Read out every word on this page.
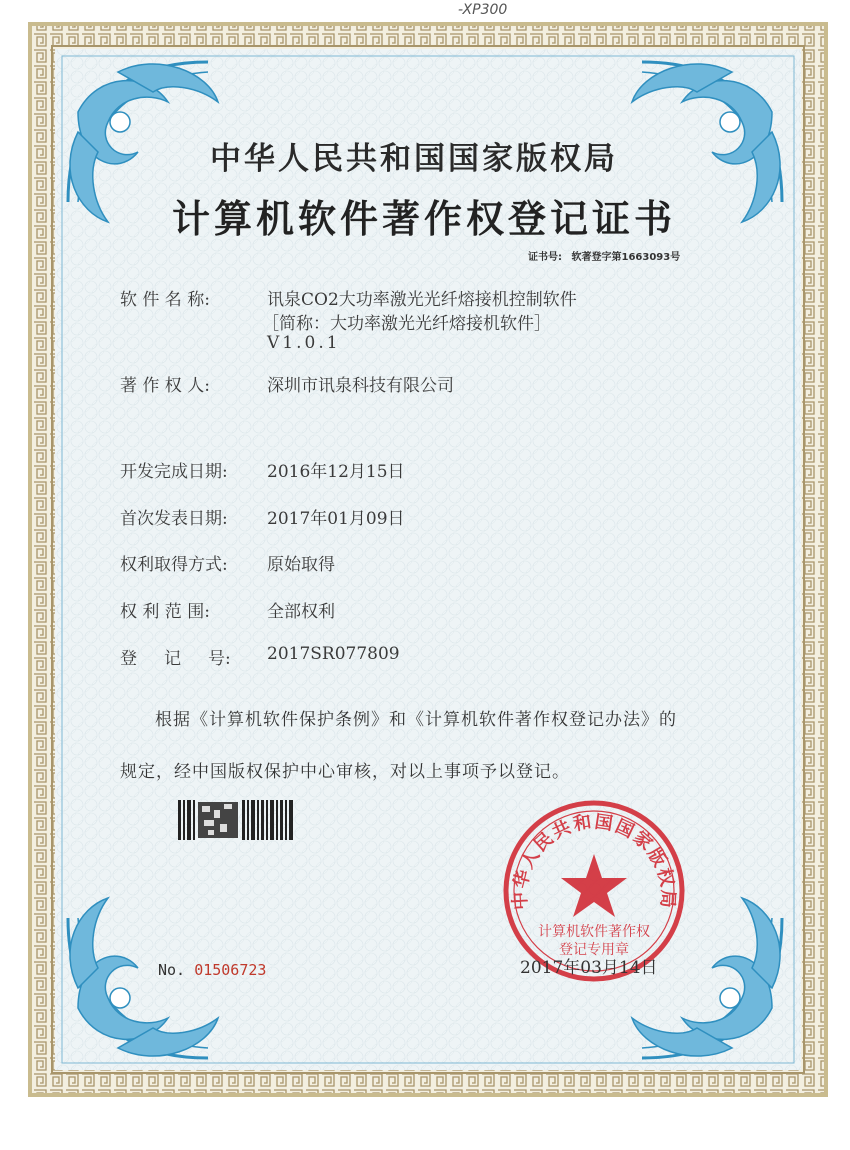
-XP300
中华人民共和国国家版权局
计算机软件著作权登记证书
证书号: 软著登字第1663093号
软 件 名 称:	讯泉CO2大功率激光光纤熔接机控制软件
［简称：大功率激光光纤熔接机软件］
V1.0.1
著 作 权 人:	深圳市讯泉科技有限公司
开发完成日期: 2016年12月15日
首次发表日期: 2017年01月09日
权利取得方式: 原始取得
权 利 范 围:	全部权利
登     记     号: 2017SR077809
根据《计算机软件保护条例》和《计算机软件著作权登记办法》的
规定，经中国版权保护中心审核，对以上事项予以登记。
No. 01506723
中华人民共和国国家版权局
计算机软件著作权
登记专用章
2017年03月14日
